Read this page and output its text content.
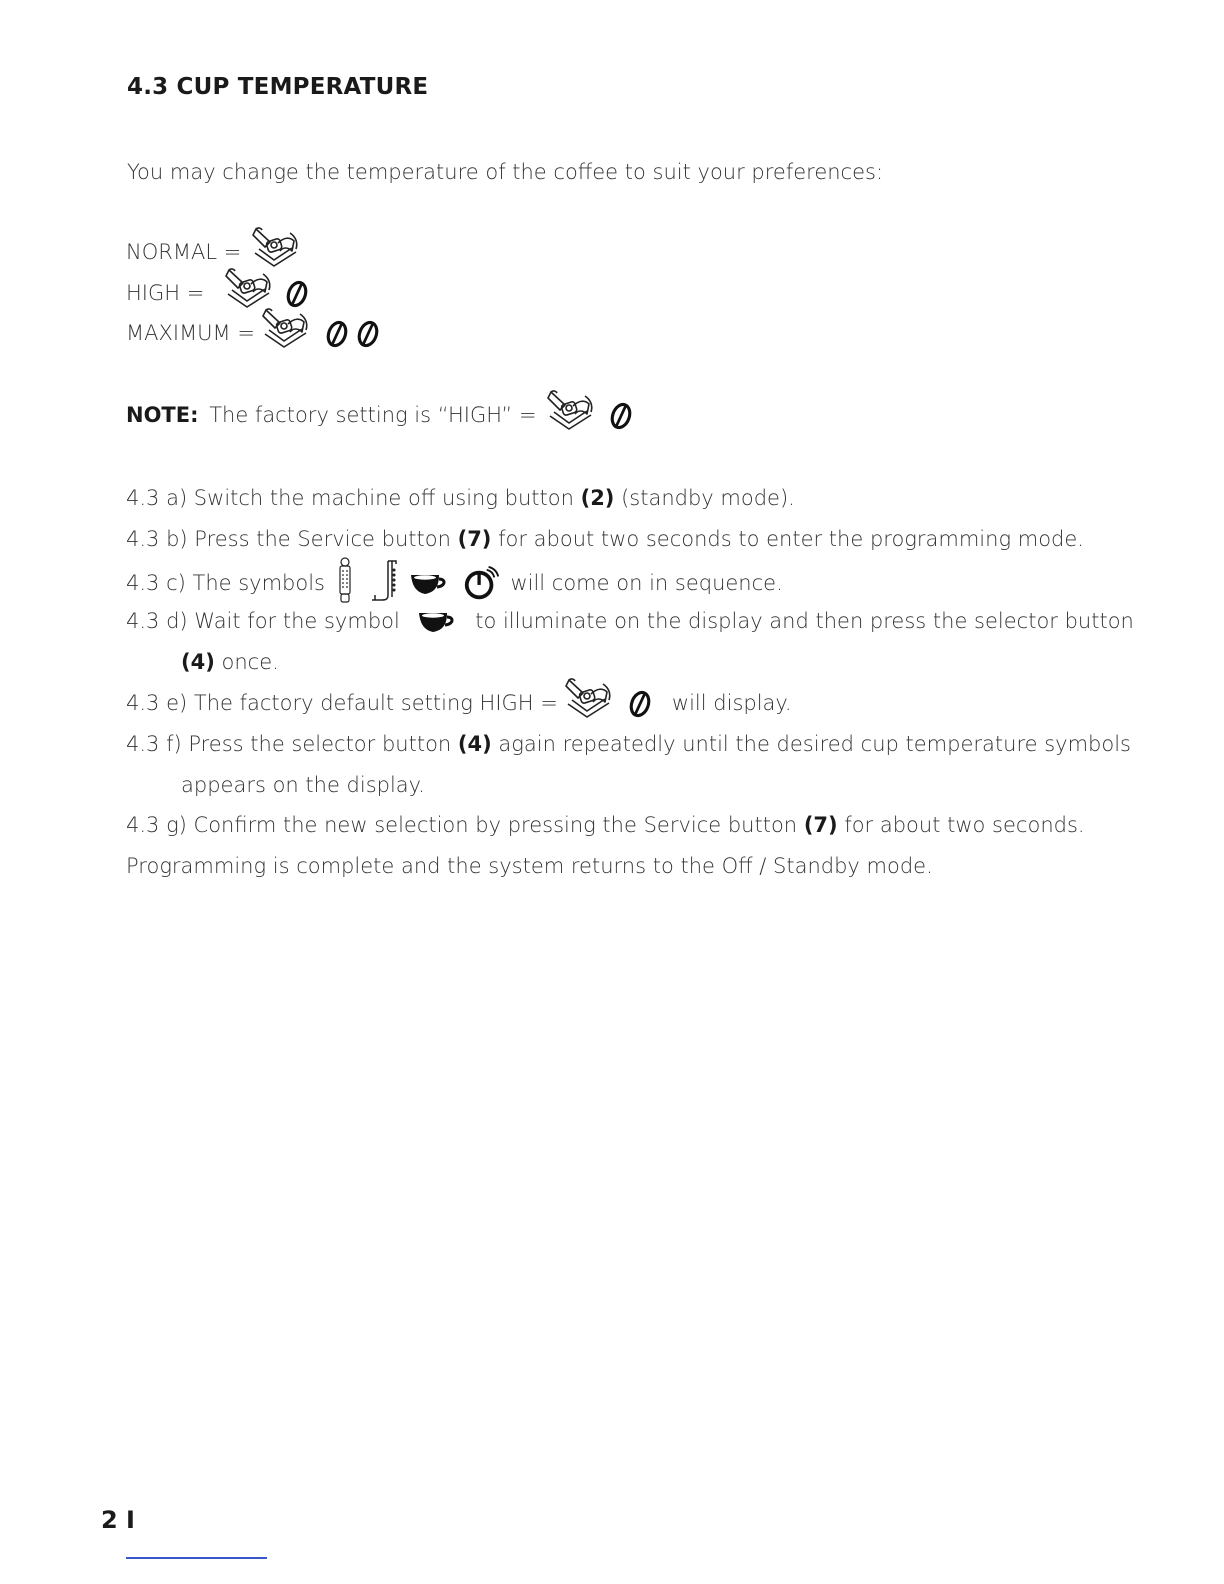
4.3 CUP TEMPERATURE
You may change the temperature of the coffee to suit your preferences:
NORMAL =
HIGH =

MAXIMUM =

NOTE: The factory setting is “HIGH” =

4.3 a) Switch the machine off using button (2) (standby mode).
4.3 b) Press the Service button (7) for about two seconds to enter the programming mode.
4.3 c) The symbols

	will come on in sequence.
4.3 d) Wait for the symbol	to illuminate on the display and then press the selector button
(4) once.
4.3 e) The factory default setting HIGH =
	will display.
4.3 f) Press the selector button (4) again repeatedly until the desired cup temperature symbols
appears on the display.
4.3 g) Confirm the new selection by pressing the Service button (7) for about two seconds.
Programming is complete and the system returns to the Off / Standby mode.
2 I
